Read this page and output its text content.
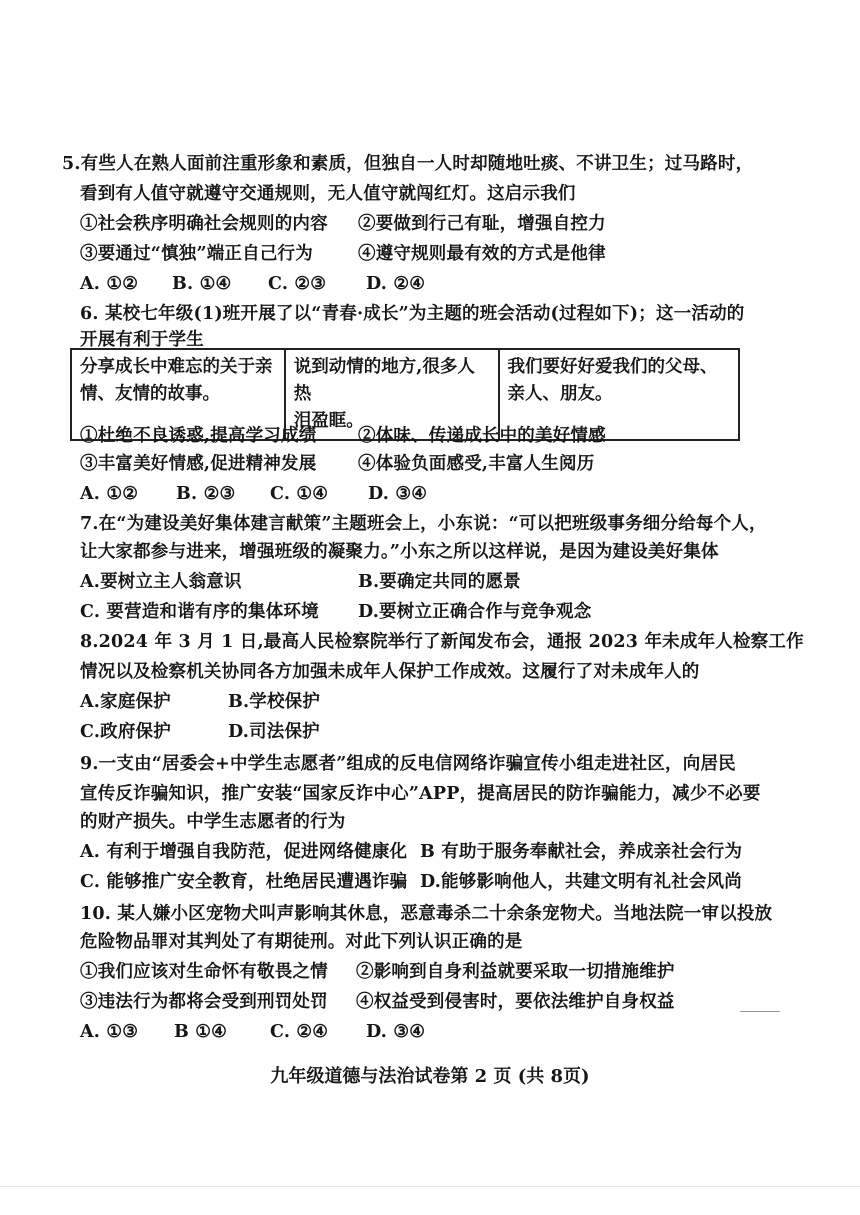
5.有些人在熟人面前注重形象和素质，但独自一人时却随地吐痰、不讲卫生；过马路时，
看到有人值守就遵守交通规则，无人值守就闯红灯。这启示我们
①社会秩序明确社会规则的内容 ②要做到行己有耻，增强自控力
③要通过“慎独”端正自己行为	④遵守规则最有效的方式是他律
A. ①② B. ①④ C. ②③ D. ②④
6. 某校七年级(1)班开展了以“青春·成长”为主题的班会活动(过程如下)；这一活动的
开展有利于学生
分享成长中难忘的关于亲
情、友情的故事。

说到动情的地方,很多人热
泪盈眶。

我们要好好爱我们的父母、
亲人、朋友。
①杜绝不良诱惑,提高学习成绩 ②体味、传递成长中的美好情感
③丰富美好情感,促进精神发展 ④体验负面感受,丰富人生阅历
A. ①② B. ②③ C. ①④ D. ③④
7.在“为建设美好集体建言献策”主题班会上，小东说：“可以把班级事务细分给每个人，
让大家都参与进来，增强班级的凝聚力。”小东之所以这样说，是因为建设美好集体
A.要树立主人翁意识	B.要确定共同的愿景
C. 要营造和谐有序的集体环境 D.要树立正确合作与竞争观念
8.2024 年 3 月 1 日,最高人民检察院举行了新闻发布会，通报 2023 年未成年人检察工作
情况以及检察机关协同各方加强未成年人保护工作成效。这履行了对未成年人的
A.家庭保护	B.学校保护
C.政府保护	D.司法保护
9.一支由“居委会+中学生志愿者”组成的反电信网络诈骗宣传小组走进社区，向居民
宣传反诈骗知识，推广安装“国家反诈中心”APP，提高居民的防诈骗能力，减少不必要
的财产损失。中学生志愿者的行为
A. 有利于增强自我防范，促进网络健康化 B 有助于服务奉献社会，养成亲社会行为
C. 能够推广安全教育，杜绝居民遭遇诈骗 D.能够影响他人，共建文明有礼社会风尚
10. 某人嫌小区宠物犬叫声影响其休息，恶意毒杀二十余条宠物犬。当地法院一审以投放
危险物品罪对其判处了有期徒刑。对此下列认识正确的是
①我们应该对生命怀有敬畏之情 ②影响到自身利益就要采取一切措施维护
③违法行为都将会受到刑罚处罚 ④权益受到侵害时，要依法维护自身权益
A. ①③ B ①④ C. ②④ D. ③④
九年级道德与法治试卷第 2 页 (共 8页)
